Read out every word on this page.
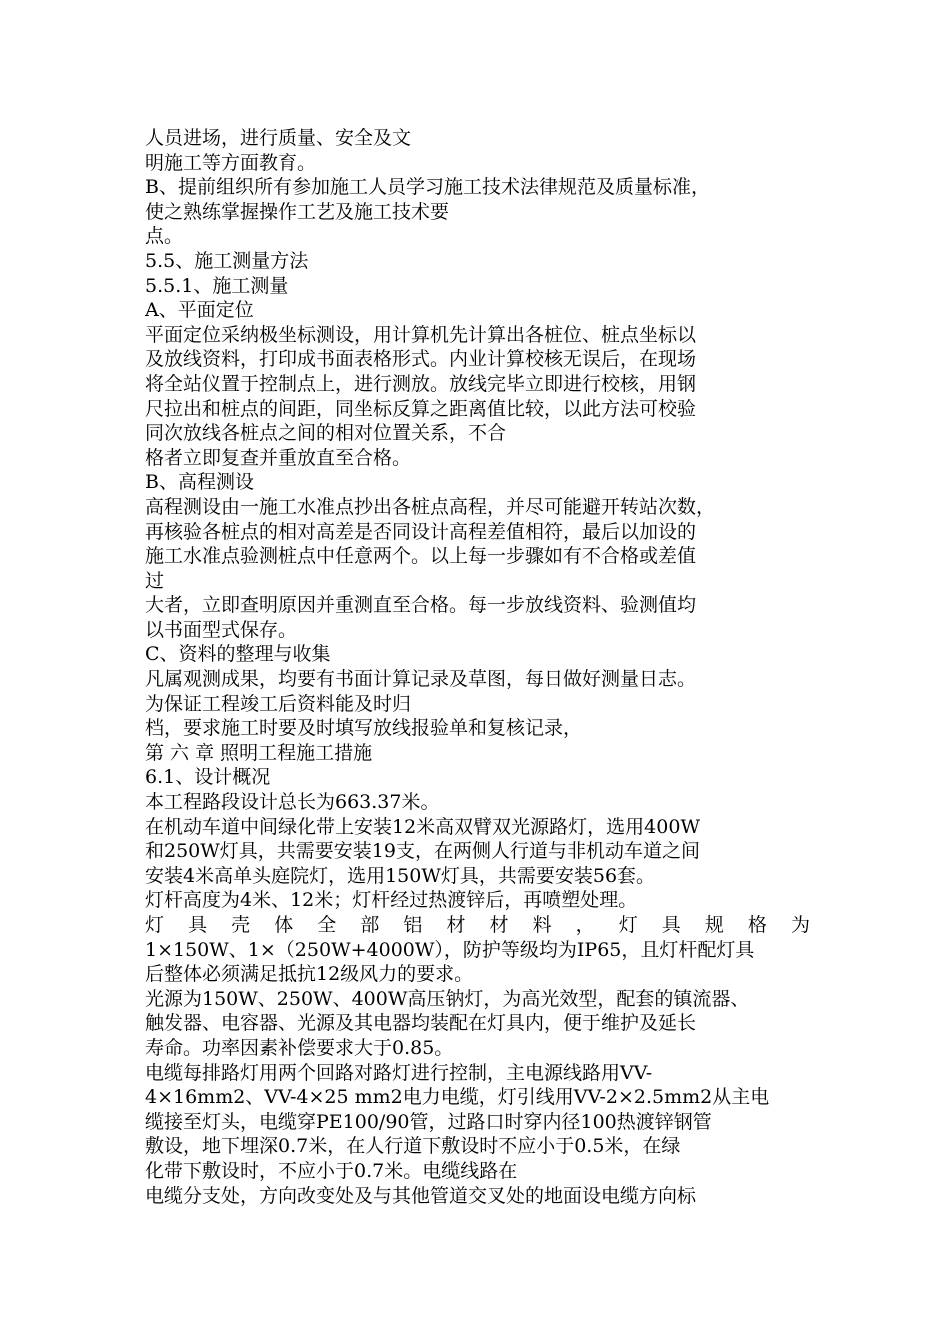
人员进场，进行质量、安全及文
明施工等方面教育。
B、提前组织所有参加施工人员学习施工技术法律规范及质量标准，
使之熟练掌握操作工艺及施工技术要
点。
5.5、施工测量方法
5.5.1、施工测量
A、平面定位
平面定位采纳极坐标测设，用计算机先计算出各桩位、桩点坐标以
及放线资料，打印成书面表格形式。内业计算校核无误后，在现场
将全站仪置于控制点上，进行测放。放线完毕立即进行校核，用钢
尺拉出和桩点的间距，同坐标反算之距离值比较，以此方法可校验
同次放线各桩点之间的相对位置关系，不合
格者立即复查并重放直至合格。
B、高程测设
高程测设由一施工水准点抄出各桩点高程，并尽可能避开转站次数，
再核验各桩点的相对高差是否同设计高程差值相符，最后以加设的
施工水准点验测桩点中任意两个。以上每一步骤如有不合格或差值
过
大者，立即查明原因并重测直至合格。每一步放线资料、验测值均
以书面型式保存。
C、资料的整理与收集
凡属观测成果，均要有书面计算记录及草图，每日做好测量日志。
为保证工程竣工后资料能及时归
档，要求施工时要及时填写放线报验单和复核记录，
第 六 章 照明工程施工措施
6.1、设计概况
本工程路段设计总长为663.37米。
在机动车道中间绿化带上安装12米高双臂双光源路灯，选用400W
和250W灯具，共需要安装19支，在两侧人行道与非机动车道之间
安装4米高单头庭院灯，选用150W灯具，共需要安装56套。
灯杆高度为4米、12米；灯杆经过热渡锌后，再喷塑处理。
灯具壳体全部铝材材料，灯具规格为
1×150W、1×（250W+4000W），防护等级均为IP65，且灯杆配灯具
后整体必须满足抵抗12级风力的要求。
光源为150W、250W、400W高压钠灯，为高光效型，配套的镇流器、
触发器、电容器、光源及其电器均装配在灯具内，便于维护及延长
寿命。功率因素补偿要求大于0.85。
电缆每排路灯用两个回路对路灯进行控制，主电源线路用VV-
4×16mm2、VV-4×25 mm2电力电缆，灯引线用VV-2×2.5mm2从主电
缆接至灯头，电缆穿PE100/90管，过路口时穿内径100热渡锌钢管
敷设，地下埋深0.7米，在人行道下敷设时不应小于0.5米，在绿
化带下敷设时，不应小于0.7米。电缆线路在
电缆分支处，方向改变处及与其他管道交叉处的地面设电缆方向标
